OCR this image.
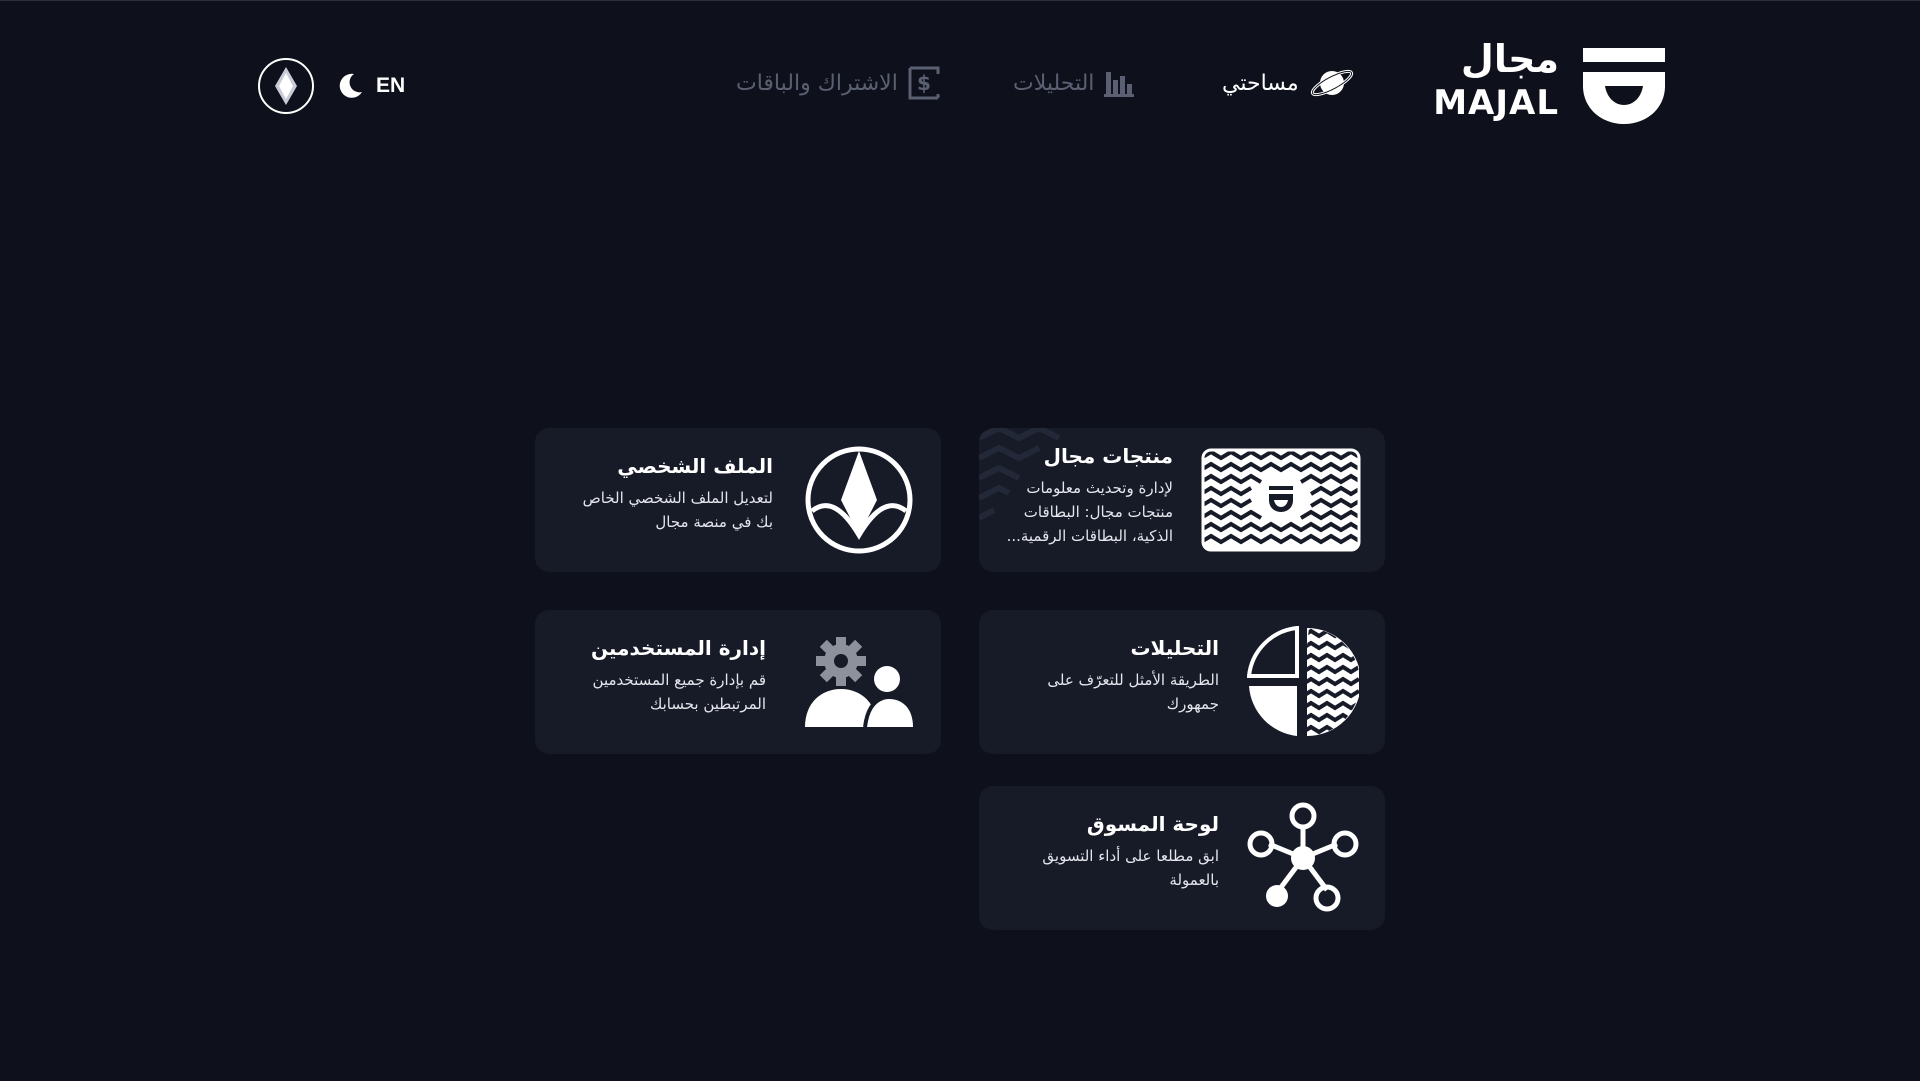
مجال
MAJAL
مساحتي
التحليلات
$
الاشتراك والباقات
EN
منتجات مجال
لإدارة وتحديث معلومات منتجات مجال: البطاقات الذكية، البطاقات الرقمية...
الملف الشخصي
لتعديل الملف الشخصي الخاص بك في منصة مجال
التحليلات
الطريقة الأمثل للتعرّف على جمهورك
إدارة المستخدمين
قم بإدارة جميع المستخدمين المرتبطين بحسابك
لوحة المسوق
ابق مطلعا على أداء التسويق بالعمولة
